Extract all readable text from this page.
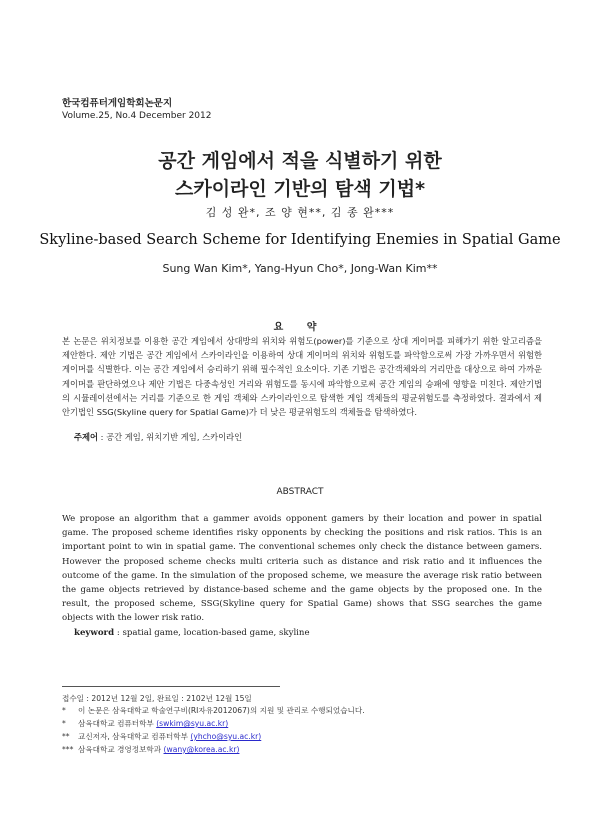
한국컴퓨터게임학회논문지
Volume.25, No.4 December 2012
공간 게임에서 적을 식별하기 위한
스카이라인 기반의 탐색 기법*
김 성 완*, 조 양 현**, 김 종 완***
Skyline-based Search Scheme for Identifying Enemies in Spatial Game
Sung Wan Kim*, Yang-Hyun Cho*, Jong-Wan Kim**
요 약
본 논문은 위치정보를 이용한 공간 게임에서 상대방의 위치와 위험도(power)를 기준으로 상대 게이머를 피해가기 위한 알고리즘을 제안한다. 제안 기법은 공간 게임에서 스카이라인을 이용하여 상대 게이머의 위치와 위험도를 파악함으로써 가장 가까우면서 위험한 게이머를 식별한다. 이는 공간 게임에서 승리하기 위해 필수적인 요소이다. 기존 기법은 공간객체와의 거리만을 대상으로 하여 가까운 게이머를 판단하였으나 제안 기법은 다중속성인 거리와 위험도를 동시에 파악함으로써 공간 게임의 승패에 영향을 미친다. 제안기법의 시뮬레이션에서는 거리를 기준으로 한 게임 객체와 스카이라인으로 탐색한 게임 객체들의 평균위험도를 측정하였다. 결과에서 제안기법인 SSG(Skyline query for Spatial Game)가 더 낮은 평균위험도의 객체들을 탐색하였다.
주제어 : 공간 게임, 위치기반 게임, 스카이라인
ABSTRACT
We propose an algorithm that a gammer avoids opponent gamers by their location and power in spatial game. The proposed scheme identifies risky opponents by checking the positions and risk ratios. This is an important point to win in spatial game. The conventional schemes only check the distance between gamers. However the proposed scheme checks multi criteria such as distance and risk ratio and it influences the outcome of the game. In the simulation of the proposed scheme, we measure the average risk ratio between the game objects retrieved by distance-based scheme and the game objects by the proposed one. In the result, the proposed scheme, SSG(Skyline query for Spatial Game) shows that SSG searches the game objects with the lower risk ratio.
keyword : spatial game, location-based game, skyline
접수일 : 2012년 12월 2일, 완료일 : 2102년 12월 15일
* 이 논문은 삼육대학교 학술연구비(RI자유2012067)의 지원 및 관리로 수행되었습니다.
* 삼육대학교 컴퓨터학부 (swkim@syu.ac.kr)
** 교신저자, 삼육대학교 컴퓨터학부 (yhcho@syu.ac.kr)
*** 삼육대학교 경영정보학과 (wany@korea.ac.kr)
